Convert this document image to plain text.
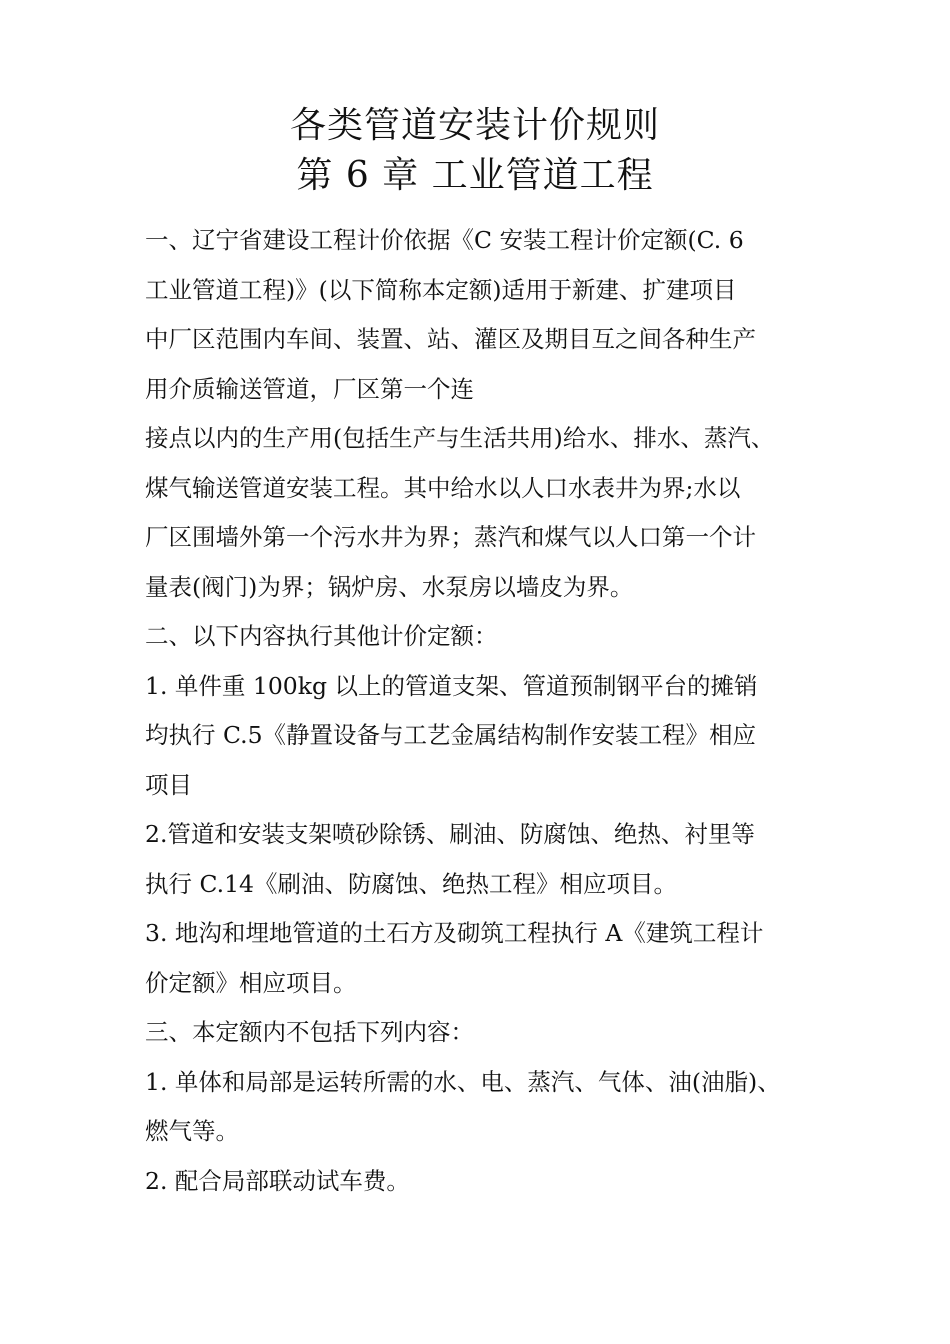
各类管道安装计价规则
第 6 章 工业管道工程
一、辽宁省建设工程计价依据《C 安装工程计价定额(C. 6
工业管道工程)》(以下简称本定额)适用于新建、扩建项目
中厂区范围内车间、装置、站、灌区及期目互之间各种生产
用介质输送管道，厂区第一个连
接点以内的生产用(包括生产与生活共用)给水、排水、蒸汽、
煤气输送管道安装工程。其中给水以人口水表井为界;水以
厂区围墙外第一个污水井为界；蒸汽和煤气以人口第一个计
量表(阀门)为界；锅炉房、水泵房以墙皮为界。
二、以下内容执行其他计价定额：
1. 单件重 100kg 以上的管道支架、管道预制钢平台的摊销
均执行 C.5《静置设备与工艺金属结构制作安装工程》相应
项目
2.管道和安装支架喷砂除锈、刷油、防腐蚀、绝热、衬里等
执行 C.14《刷油、防腐蚀、绝热工程》相应项目。
3. 地沟和埋地管道的土石方及砌筑工程执行 A《建筑工程计
价定额》相应项目。
三、本定额内不包括下列内容：
1. 单体和局部是运转所需的水、电、蒸汽、气体、油(油脂)、
燃气等。
2. 配合局部联动试车费。
